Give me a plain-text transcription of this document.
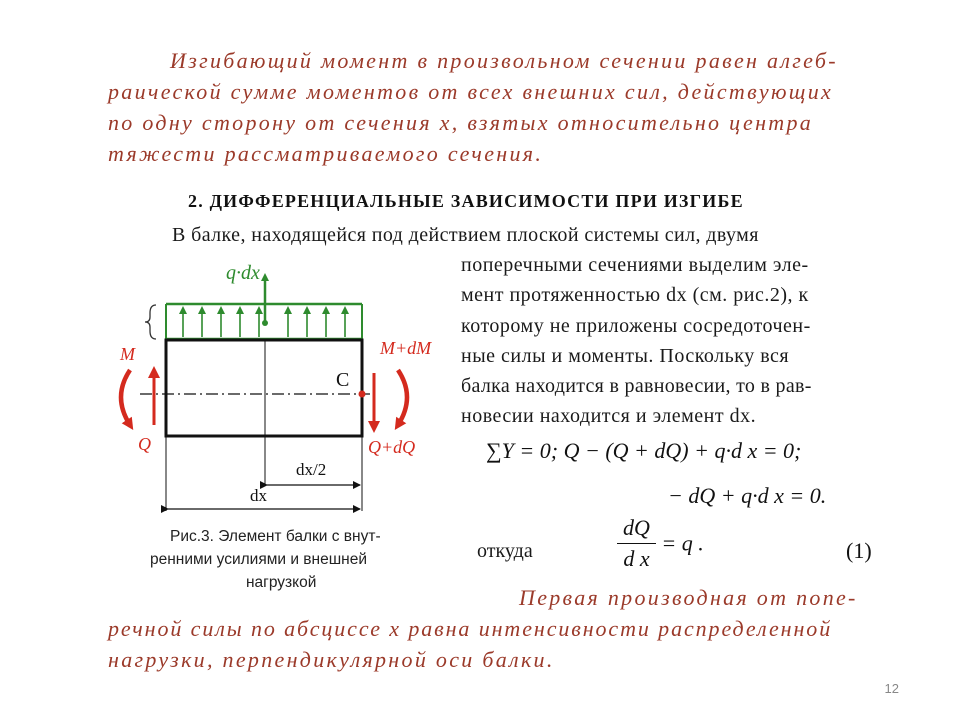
Изгибающий момент в произвольном сечении равен алгеб-
раической сумме моментов от всех внешних сил, действующих
по одну сторону от сечения x, взятых относительно центра
тяжести рассматриваемого сечения.
2. ДИФФЕРЕНЦИАЛЬНЫЕ ЗАВИСИМОСТИ ПРИ ИЗГИБЕ
В балке, находящейся под действием плоской системы сил, двумя
поперечными сечениями выделим эле-
мент протяженностью dx (см. рис.2), к
которому не приложены сосредоточен-
ные силы и моменты. Поскольку вся
балка находится в равновесии, то в рав-
новесии находится и элемент dx.
q·dx
C
M
Q
M+dM
Q+dQ
dx/2
dx
Рис.3. Элемент балки с внут-
ренними усилиями и внешней
нагрузкой
∑Y = 0; Q − (Q + dQ) + q·d x = 0;
− dQ + q·d x = 0.
откуда	$\frac{dQ}{\text{d x}} = q$ .	(1)
Первая производная от попе-
речной силы по абсциссе x равна интенсивности распределенной
нагрузки, перпендикулярной оси балки.
12
